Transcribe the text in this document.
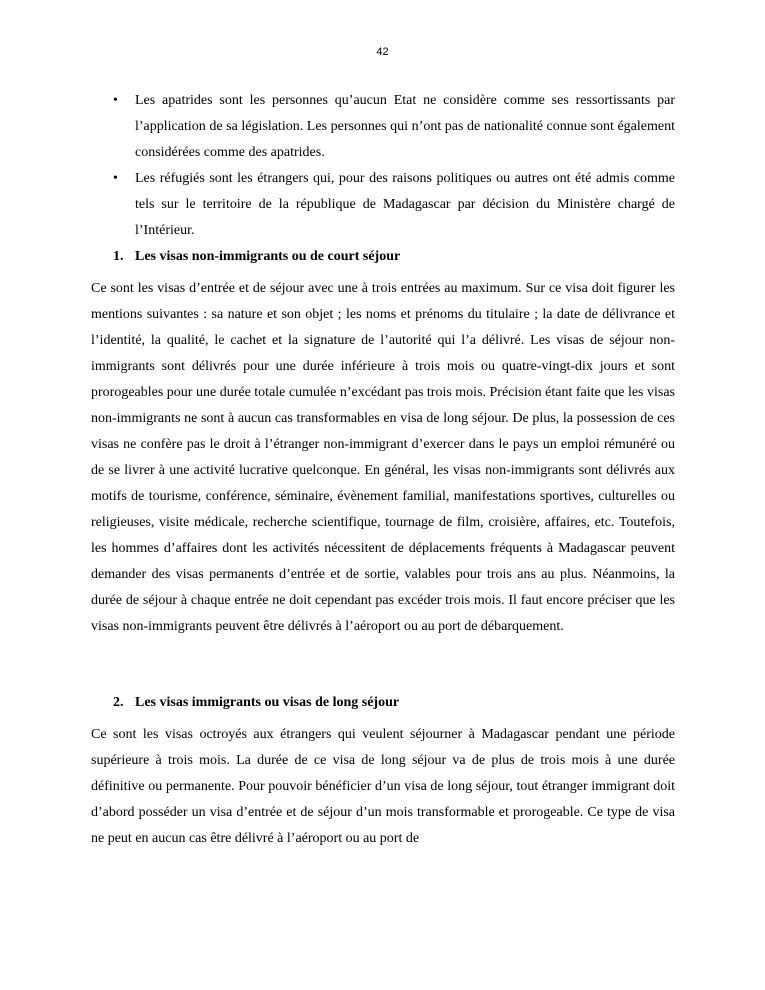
42
• Les apatrides sont les personnes qu’aucun Etat ne considère comme ses ressortissants par l’application de sa législation. Les personnes qui n’ont pas de nationalité connue sont également considérées comme des apatrides.
• Les réfugiés sont les étrangers qui, pour des raisons politiques ou autres ont été admis comme tels sur le territoire de la république de Madagascar par décision du Ministère chargé de l’Intérieur.
1. Les visas non-immigrants ou de court séjour

Ce sont les visas d’entrée et de séjour avec une à trois entrées au maximum. Sur ce visa doit figurer les mentions suivantes : sa nature et son objet ; les noms et prénoms du titulaire ; la date de délivrance et l’identité, la qualité, le cachet et la signature de l’autorité qui l’a délivré. Les visas de séjour non-immigrants sont délivrés pour une durée inférieure à trois mois ou quatre-vingt-dix jours et sont prorogeables pour une durée totale cumulée n’excédant pas trois mois. Précision étant faite que les visas non-immigrants ne sont à aucun cas transformables en visa de long séjour. De plus, la possession de ces visas ne confère pas le droit à l’étranger non-immigrant d’exercer dans le pays un emploi rémunéré ou de se livrer à une activité lucrative quelconque. En général, les visas non-immigrants sont délivrés aux motifs de tourisme, conférence, séminaire, évènement familial, manifestations sportives, culturelles ou religieuses, visite médicale, recherche scientifique, tournage de film, croisière, affaires, etc. Toutefois, les hommes d’affaires dont les activités nécessitent de déplacements fréquents à Madagascar peuvent demander des visas permanents d’entrée et de sortie, valables pour trois ans au plus. Néanmoins, la durée de séjour à chaque entrée ne doit cependant pas excéder trois mois. Il faut encore préciser que les visas non-immigrants peuvent être délivrés à l’aéroport ou au port de débarquement.

2. Les visas immigrants ou visas de long séjour

Ce sont les visas octroyés aux étrangers qui veulent séjourner à Madagascar pendant une période supérieure à trois mois. La durée de ce visa de long séjour va de plus de trois mois à une durée définitive ou permanente. Pour pouvoir bénéficier d’un visa de long séjour, tout étranger immigrant doit d’abord posséder un visa d’entrée et de séjour d’un mois transformable et prorogeable. Ce type de visa ne peut en aucun cas être délivré à l’aéroport ou au port de
